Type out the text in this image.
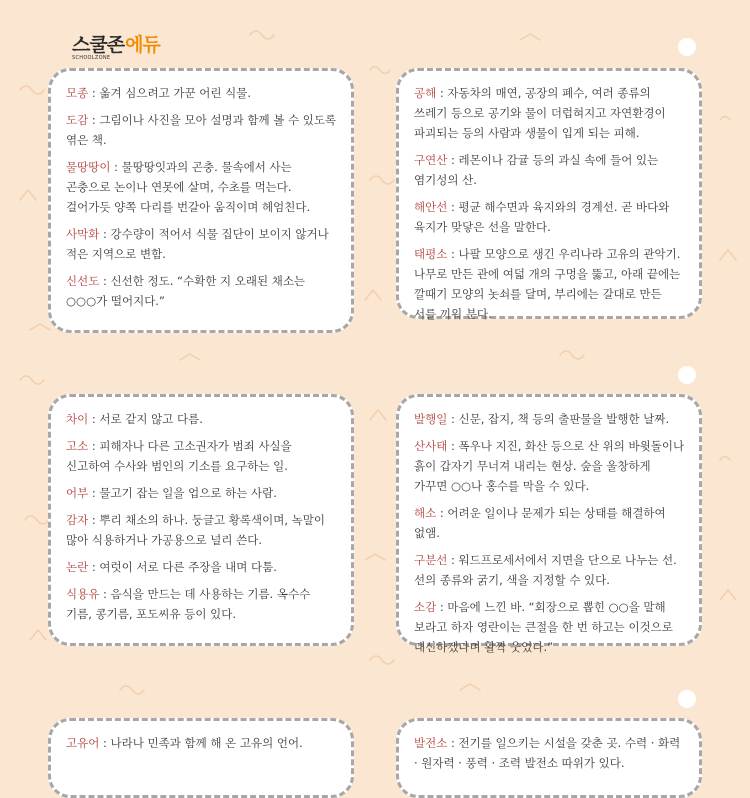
스쿨존 에듀
SCHOOLZONE

모종 : 옮겨 심으려고 가꾼 어린 식물.

도감 : 그림이나 사진을 모아 설명과 함께 볼 수 있도록 엮은 책.

물땅땅이 : 물땅땅잇과의 곤충. 물속에서 사는 곤충으로 논이나 연못에 살며, 수초를 먹는다. 걸어가듯 양쪽 다리를 번갈아 움직이며 헤엄친다.

사막화 : 강수량이 적어서 식물 집단이 보이지 않거나 적은 지역으로 변함.

신선도 : 신선한 정도. “수확한 지 오래된 채소는 ○○○가 떨어지다.”

공해 : 자동차의 매연, 공장의 폐수, 여러 종류의 쓰레기 등으로 공기와 물이 더럽혀지고 자연환경이 파괴되는 등의 사람과 생물이 입게 되는 피해.

구연산 : 레몬이나 감귤 등의 과실 속에 들어 있는 염기성의 산.

해안선 : 평균 해수면과 육지와의 경계선. 곧 바다와 육지가 맞닿은 선을 말한다.

태평소 : 나팔 모양으로 생긴 우리나라 고유의 관악기. 나무로 만든 관에 여덟 개의 구멍을 뚫고, 아래 끝에는 깔때기 모양의 놋쇠를 달며, 부리에는 갈대로 만든 서를 끼워 분다.

차이 : 서로 같지 않고 다름.

고소 : 피해자나 다른 고소권자가 범죄 사실을 신고하여 수사와 범인의 기소를 요구하는 일.

어부 : 물고기 잡는 일을 업으로 하는 사람.

감자 : 뿌리 채소의 하나. 둥글고 황록색이며, 녹말이 많아 식용하거나 가공용으로 널리 쓴다.

논란 : 여럿이 서로 다른 주장을 내며 다툼.

식용유 : 음식을 만드는 데 사용하는 기름. 옥수수 기름, 콩기름, 포도씨유 등이 있다.

발행일 : 신문, 잡지, 책 등의 출판물을 발행한 날짜.

산사태 : 폭우나 지진, 화산 등으로 산 위의 바윗돌이나 흙이 갑자기 무너져 내리는 현상. 숲을 울창하게 가꾸면 ○○나 홍수를 막을 수 있다.

해소 : 어려운 일이나 문제가 되는 상태를 해결하여 없앰.

구분선 : 워드프로세서에서 지면을 단으로 나누는 선. 선의 종류와 굵기, 색을 지정할 수 있다.

소감 : 마음에 느낀 바. “회장으로 뽑힌 ○○을 말해 보라고 하자 영란이는 큰절을 한 번 하고는 이것으로 대신하겠다며 활짝 웃었다.”

고유어 : 나라나 민족과 함께 해 온 고유의 언어.	발전소 : 전기를 일으키는 시설을 갖춘 곳. 수력 · 화력 · 원자력 · 풍력 · 조력 발전소 따위가 있다.
